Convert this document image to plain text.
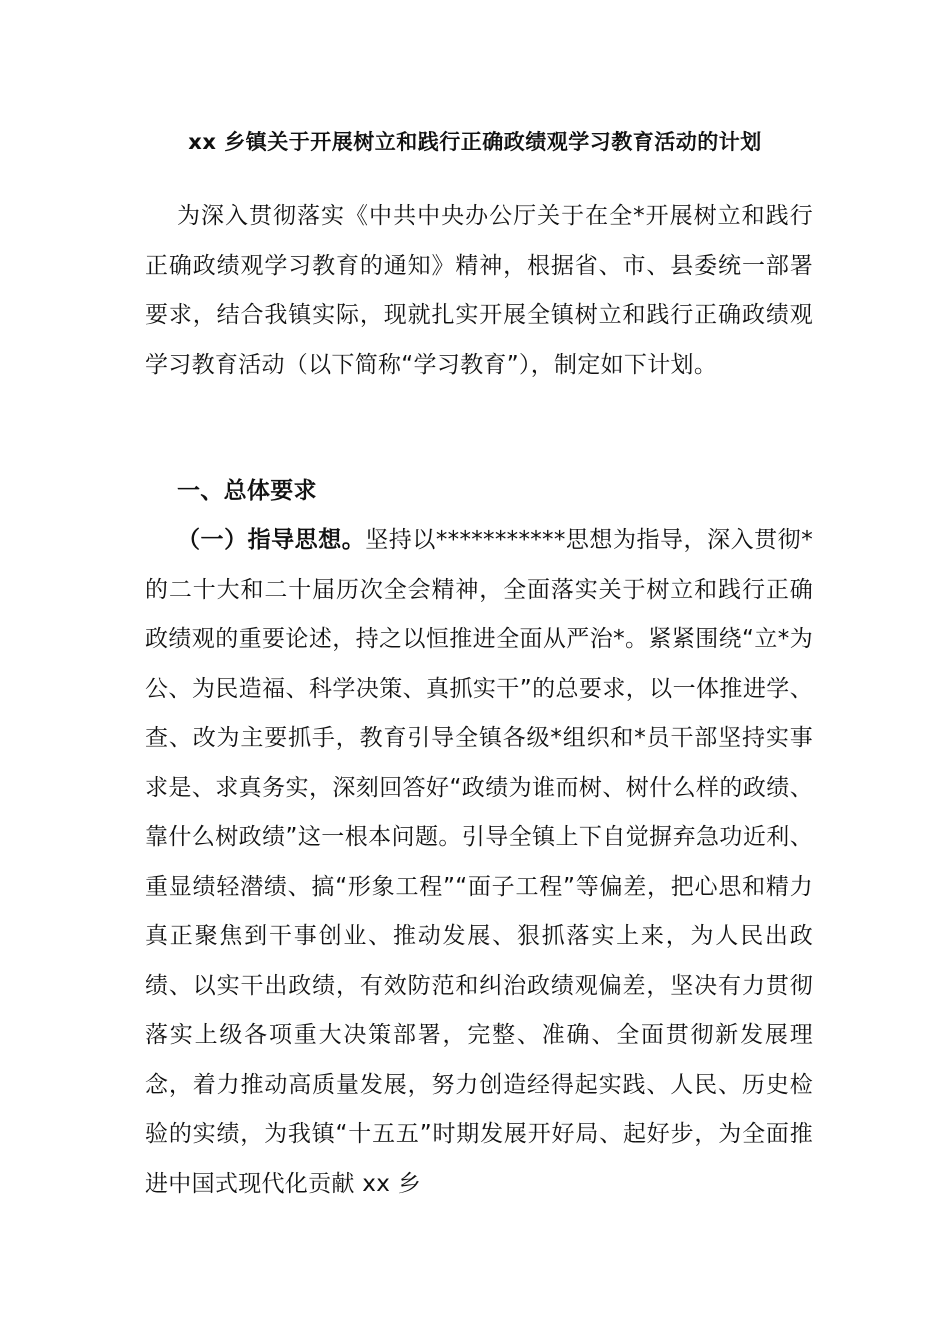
xx 乡镇关于开展树立和践行正确政绩观学习教育活动的计划

为深入贯彻落实《中共中央办公厅关于在全*开展树立和践行正确政绩观学习教育的通知》精神，根据省、市、县委统一部署要求，结合我镇实际，现就扎实开展全镇树立和践行正确政绩观学习教育活动（以下简称“学习教育”），制定如下计划。

一、总体要求

（一）指导思想。坚持以***********思想为指导，深入贯彻*的二十大和二十届历次全会精神，全面落实关于树立和践行正确政绩观的重要论述，持之以恒推进全面从严治*。紧紧围绕“立*为公、为民造福、科学决策、真抓实干”的总要求，以一体推进学、查、改为主要抓手，教育引导全镇各级*组织和*员干部坚持实事求是、求真务实，深刻回答好“政绩为谁而树、树什么样的政绩、靠什么树政绩”这一根本问题。引导全镇上下自觉摒弃急功近利、重显绩轻潜绩、搞“形象工程”“面子工程”等偏差，把心思和精力真正聚焦到干事创业、推动发展、狠抓落实上来，为人民出政绩、以实干出政绩，有效防范和纠治政绩观偏差，坚决有力贯彻落实上级各项重大决策部署，完整、准确、全面贯彻新发展理念，着力推动高质量发展，努力创造经得起实践、人民、历史检验的实绩，为我镇“十五五”时期发展开好局、起好步，为全面推进中国式现代化贡献 xx 乡
